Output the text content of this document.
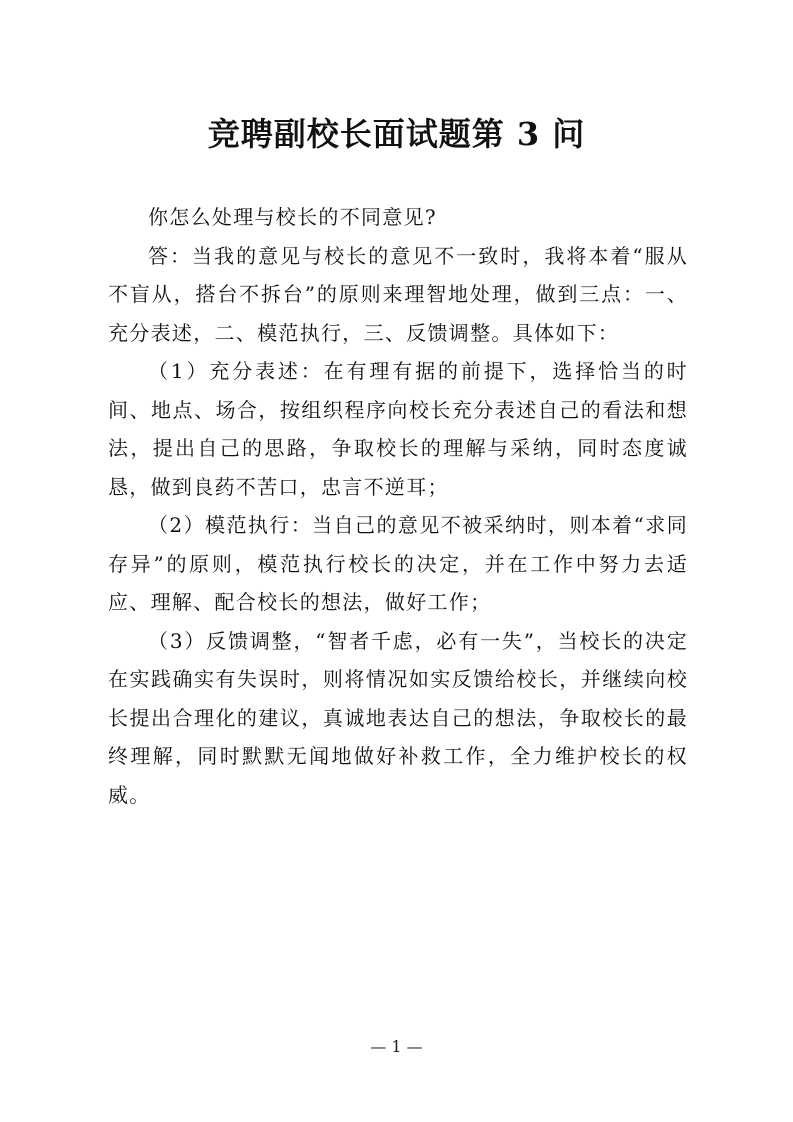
竞聘副校长面试题第 3 问

你怎么处理与校长的不同意见?

答：当我的意见与校长的意见不一致时，我将本着“服从不盲从，搭台不拆台”的原则来理智地处理，做到三点：一、充分表述，二、模范执行，三、反馈调整。具体如下：

（1）充分表述：在有理有据的前提下，选择恰当的时间、地点、场合，按组织程序向校长充分表述自己的看法和想法，提出自己的思路，争取校长的理解与采纳，同时态度诚恳，做到良药不苦口，忠言不逆耳；

（2）模范执行：当自己的意见不被采纳时，则本着“求同存异”的原则，模范执行校长的决定，并在工作中努力去适应、理解、配合校长的想法，做好工作；

（3）反馈调整，“智者千虑，必有一失”，当校长的决定在实践确实有失误时，则将情况如实反馈给校长，并继续向校长提出合理化的建议，真诚地表达自己的想法，争取校长的最终理解，同时默默无闻地做好补救工作，全力维护校长的权威。

— 1 —
